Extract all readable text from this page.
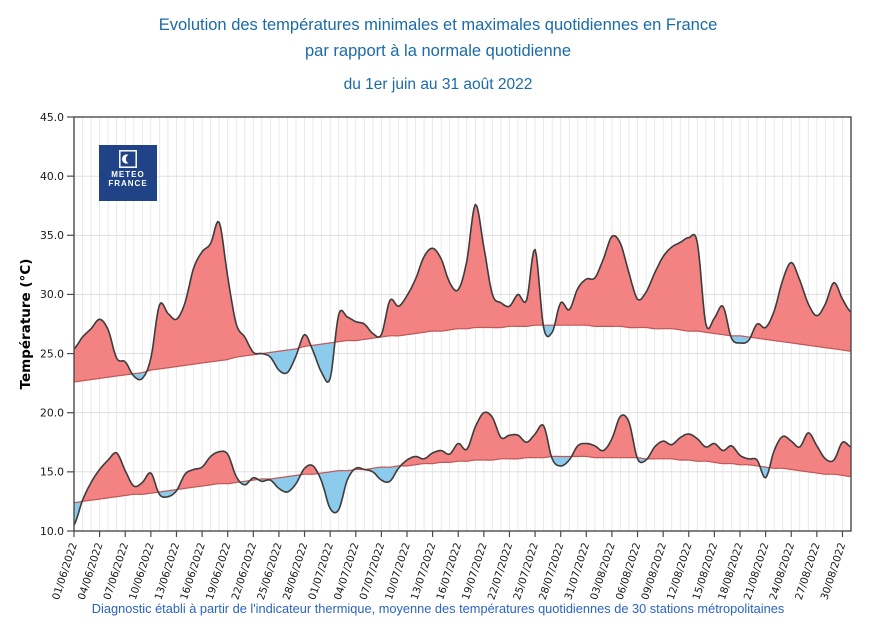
10.0
15.0
20.0
25.0
30.0
35.0
40.0
45.0
Température (°C)
01/06/2022
04/06/2022
07/06/2022
10/06/2022
13/06/2022
16/06/2022
19/06/2022
22/06/2022
25/06/2022
28/06/2022
01/07/2022
04/07/2022
07/07/2022
10/07/2022
13/07/2022
16/07/2022
19/07/2022
22/07/2022
25/07/2022
28/07/2022
31/07/2022
03/08/2022
06/08/2022
09/08/2022
12/08/2022
15/08/2022
18/08/2022
21/08/2022
24/08/2022
27/08/2022
30/08/2022
Evolution des températures minimales et maximales quotidiennes en France
par rapport à la normale quotidienne
du 1er juin au 31 août 2022
METEO
FRANCE
Diagnostic établi à partir de l'indicateur thermique, moyenne des températures quotidiennes de 30 stations métropolitaines
